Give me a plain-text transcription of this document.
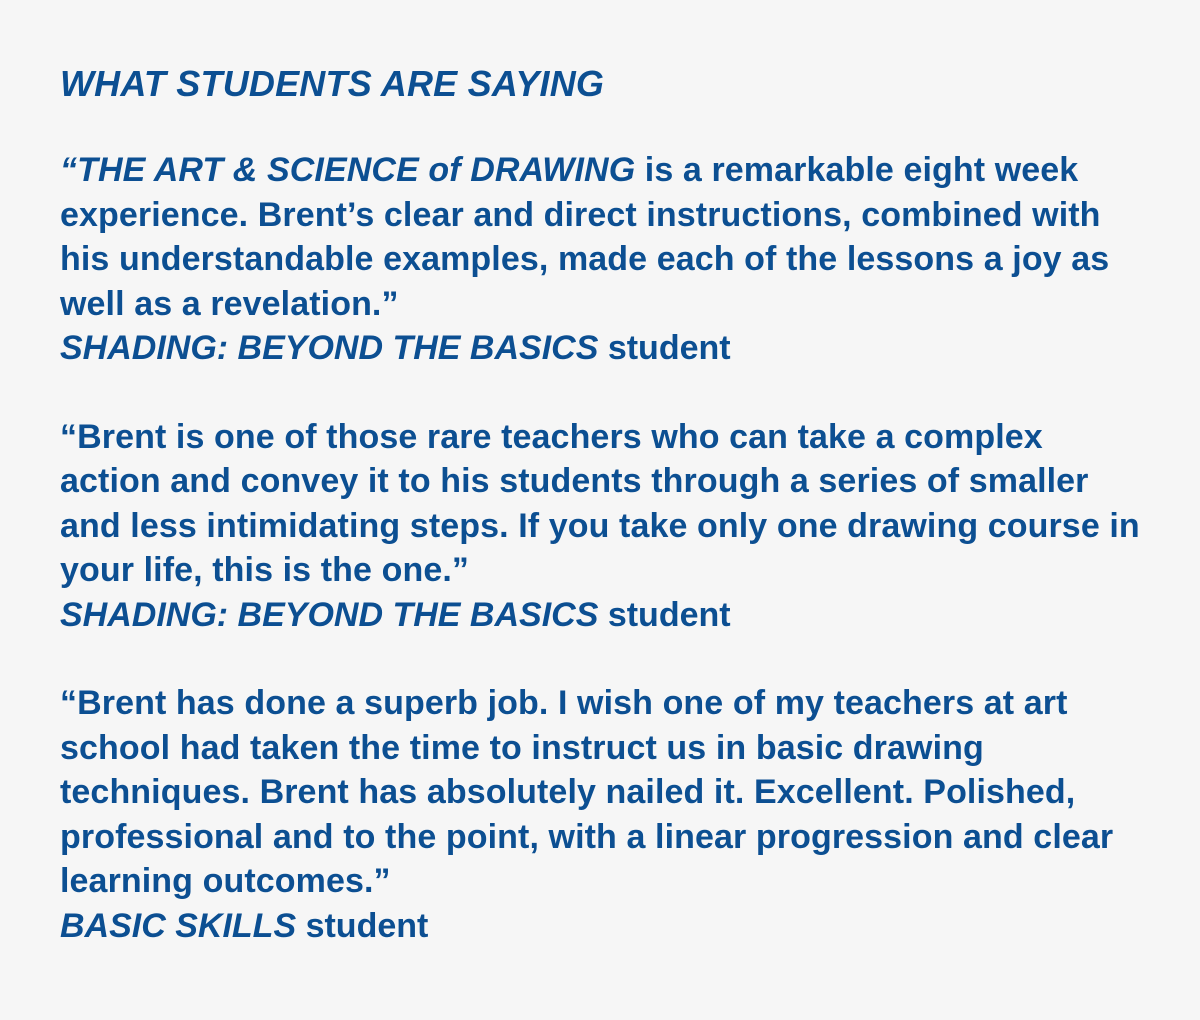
WHAT STUDENTS ARE SAYING

“THE ART & SCIENCE of DRAWING is a remarkable eight week experience. Brent’s clear and direct instructions, combined with his understandable examples, made each of the lessons a joy as well as a revelation.”

SHADING: BEYOND THE BASICS student

“Brent is one of those rare teachers who can take a complex action and convey it to his students through a series of smaller and less intimidating steps. If you take only one drawing course in your life, this is the one.”

SHADING: BEYOND THE BASICS student

“Brent has done a superb job. I wish one of my teachers at art school had taken the time to instruct us in basic drawing techniques. Brent has absolutely nailed it. Excellent. Polished, professional and to the point, with a linear progression and clear learning outcomes.”

BASIC SKILLS student
